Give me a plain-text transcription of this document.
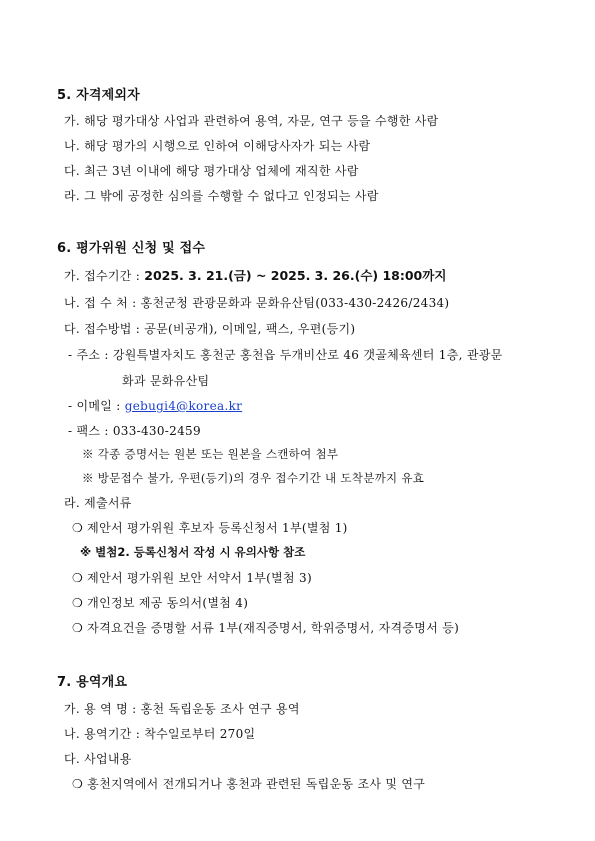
5. 자격제외자
가. 해당 평가대상 사업과 관련하여 용역, 자문, 연구 등을 수행한 사람
나. 해당 평가의 시행으로 인하여 이해당사자가 되는 사람
다. 최근 3년 이내에 해당 평가대상 업체에 재직한 사람
라. 그 밖에 공정한 심의를 수행할 수 없다고 인정되는 사람
6. 평가위원 신청 및 접수
가. 접수기간 : 2025. 3. 21.(금) ~ 2025. 3. 26.(수) 18:00까지
나. 접 수 처 : 홍천군청 관광문화과 문화유산팀(033-430-2426/2434)
다. 접수방법 : 공문(비공개), 이메일, 팩스, 우편(등기)
- 주소 : 강원특별자치도 홍천군 홍천읍 두개비산로 46 갯골체육센터 1층, 관광문
화과 문화유산팀
- 이메일 : gebugi4@korea.kr
- 팩스 : 033-430-2459
※ 각종 증명서는 원본 또는 원본을 스캔하여 첨부
※ 방문접수 불가, 우편(등기)의 경우 접수기간 내 도착분까지 유효
라. 제출서류
❍ 제안서 평가위원 후보자 등록신청서 1부(별첨 1)
※ 별첨2. 등록신청서 작성 시 유의사항 참조
❍ 제안서 평가위원 보안 서약서 1부(별첨 3)
❍ 개인정보 제공 동의서(별첨 4)
❍ 자격요건을 증명할 서류 1부(재직증명서, 학위증명서, 자격증명서 등)
7. 용역개요
가. 용 역 명 : 홍천 독립운동 조사 연구 용역
나. 용역기간 : 착수일로부터 270일
다. 사업내용
❍ 홍천지역에서 전개되거나 홍천과 관련된 독립운동 조사 및 연구
